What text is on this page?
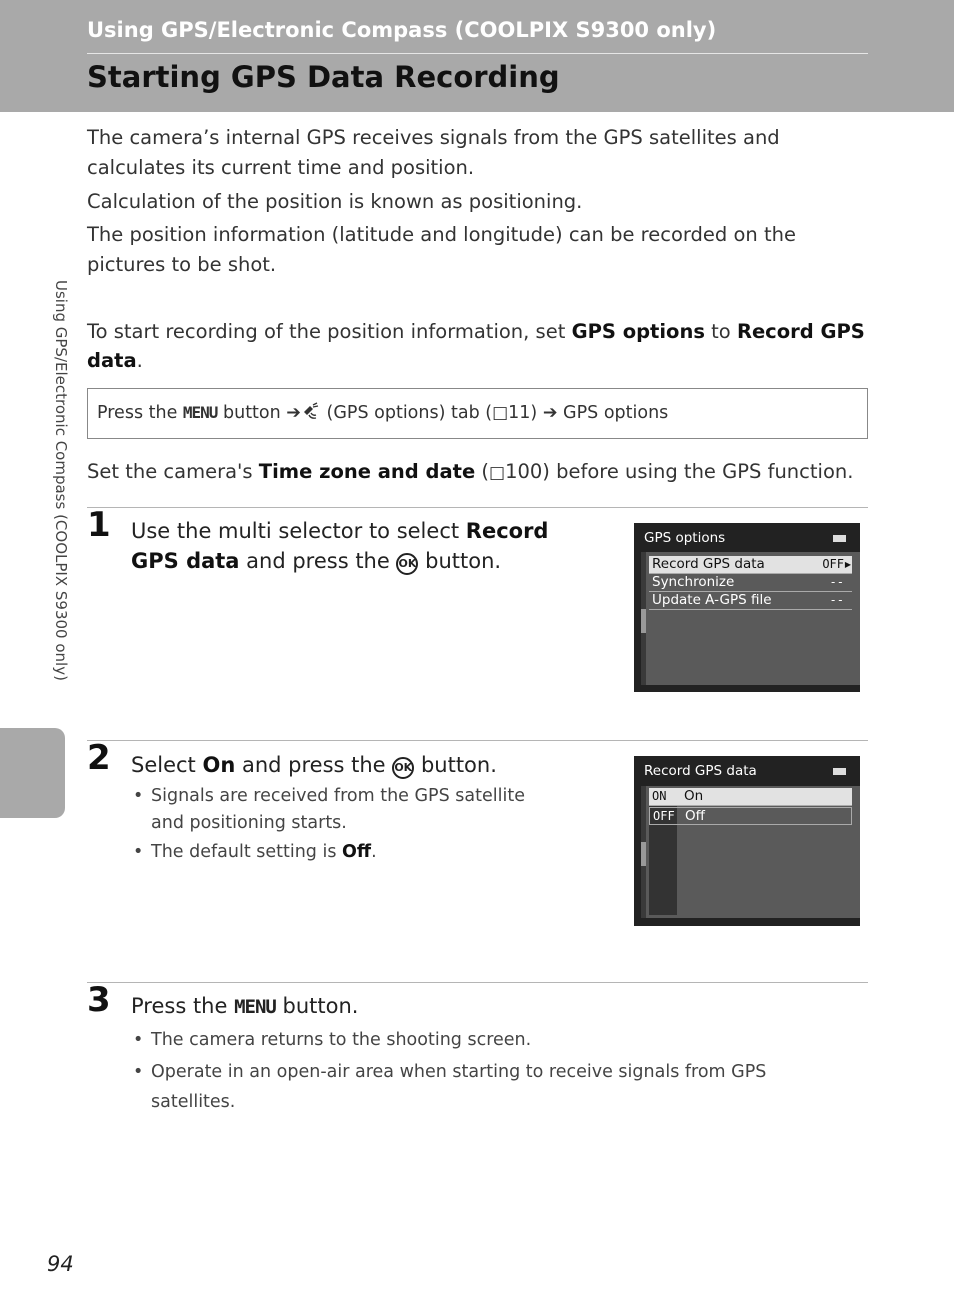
Using GPS/Electronic Compass (COOLPIX S9300 only)
Starting GPS Data Recording
Using GPS/Electronic Compass (COOLPIX S9300 only)

The camera’s internal GPS receives signals from the GPS satellites and calculates its current time and position.

Calculation of the position is known as positioning.

The position information (latitude and longitude) can be recorded on the pictures to be shot.

To start recording of the position information, set GPS options to Record GPS data.

Press the MENU button ➔ (GPS options) tab (□11) ➔ GPS options

Set the camera's Time zone and date (□100) before using the GPS function.

1 Use the multi selector to select Record GPS data and press the OK button.
GPS options
Record GPS data	OFF ▶
Synchronize	--
Update A-GPS file	--
2 Select On and press the OK button.
• Signals are received from the GPS satellite and positioning starts.
• The default setting is Off.
Record GPS data
ON On
OFF Off
3 Press the MENU button.
• The camera returns to the shooting screen.
• Operate in an open-air area when starting to receive signals from GPS satellites.
94
